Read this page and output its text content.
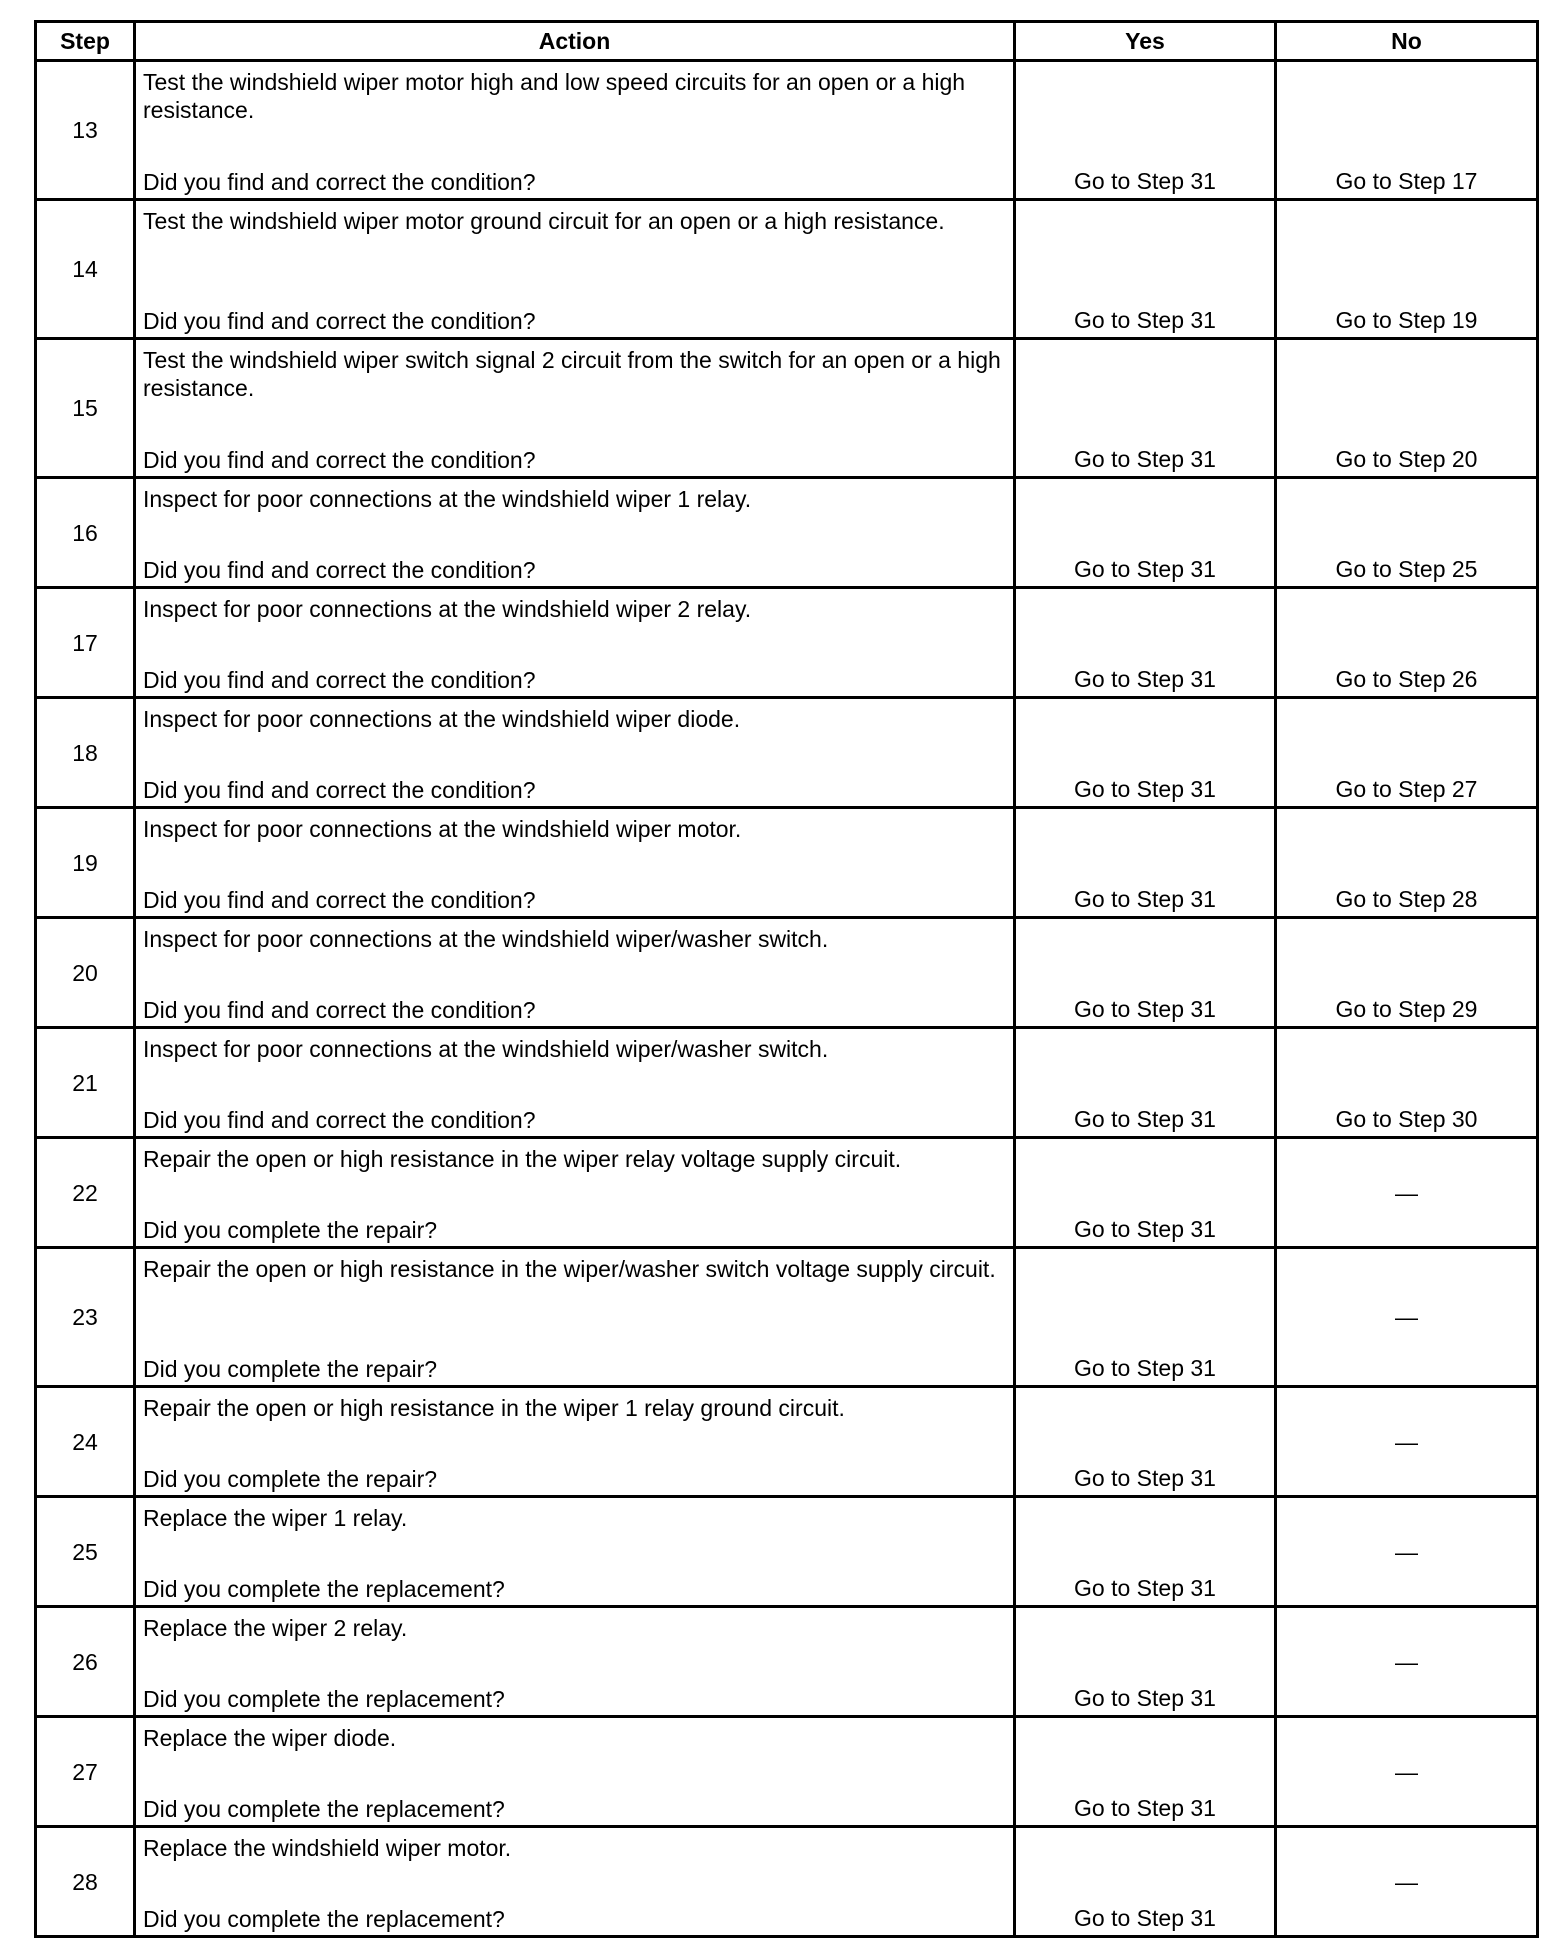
Step	Action	Yes	No
13	Test the windshield wiper motor high and low speed circuits for an open or a high resistance.
Did you find and correct the condition?	Go to Step 31	Go to Step 17
14	Test the windshield wiper motor ground circuit for an open or a high resistance.
Did you find and correct the condition?	Go to Step 31	Go to Step 19
15	Test the windshield wiper switch signal 2 circuit from the switch for an open or a high resistance.
Did you find and correct the condition?	Go to Step 31	Go to Step 20
16	Inspect for poor connections at the windshield wiper 1 relay.
Did you find and correct the condition?	Go to Step 31	Go to Step 25
17	Inspect for poor connections at the windshield wiper 2 relay.
Did you find and correct the condition?	Go to Step 31	Go to Step 26
18	Inspect for poor connections at the windshield wiper diode.
Did you find and correct the condition?	Go to Step 31	Go to Step 27
19	Inspect for poor connections at the windshield wiper motor.
Did you find and correct the condition?	Go to Step 31	Go to Step 28
20	Inspect for poor connections at the windshield wiper/washer switch.
Did you find and correct the condition?	Go to Step 31	Go to Step 29
21	Inspect for poor connections at the windshield wiper/washer switch.
Did you find and correct the condition?	Go to Step 31	Go to Step 30
22	Repair the open or high resistance in the wiper relay voltage supply circuit.
Did you complete the repair?	Go to Step 31	—
23	Repair the open or high resistance in the wiper/washer switch voltage supply circuit.
Did you complete the repair?	Go to Step 31	—
24	Repair the open or high resistance in the wiper 1 relay ground circuit.
Did you complete the repair?	Go to Step 31	—
25	Replace the wiper 1 relay.
Did you complete the replacement?	Go to Step 31	—
26	Replace the wiper 2 relay.
Did you complete the replacement?	Go to Step 31	—
27	Replace the wiper diode.
Did you complete the replacement?	Go to Step 31	—
28	Replace the windshield wiper motor.
Did you complete the replacement?	Go to Step 31	—
